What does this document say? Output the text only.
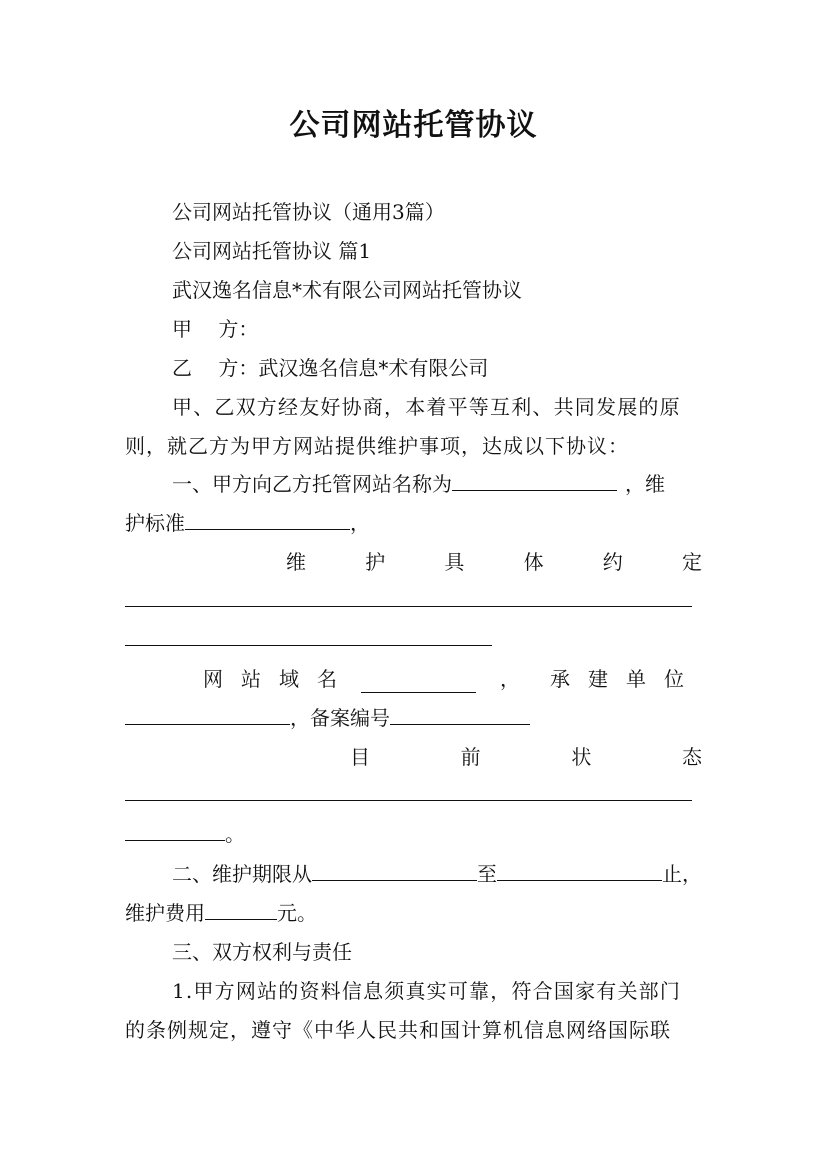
公司网站托管协议
公司网站托管协议（通用3篇）
公司网站托管协议 篇1
武汉逸名信息*术有限公司网站托管协议
甲　 方：
乙　 方：武汉逸名信息*术有限公司
甲、乙双方经友好协商，本着平等互利、共同发展的原
则，就乙方为甲方网站提供维护事项，达成以下协议：
一、甲方向乙方托管网站名称为	，维
护标准	，
维	护	具	体	约	定
网站域名	， 承建单位
，备案编号
目	前	状	态
。
二、维护期限从	至	止，
维护费用	元。
三、双方权利与责任
1.甲方网站的资料信息须真实可靠，符合国家有关部门
的条例规定，遵守《中华人民共和国计算机信息网络国际联
